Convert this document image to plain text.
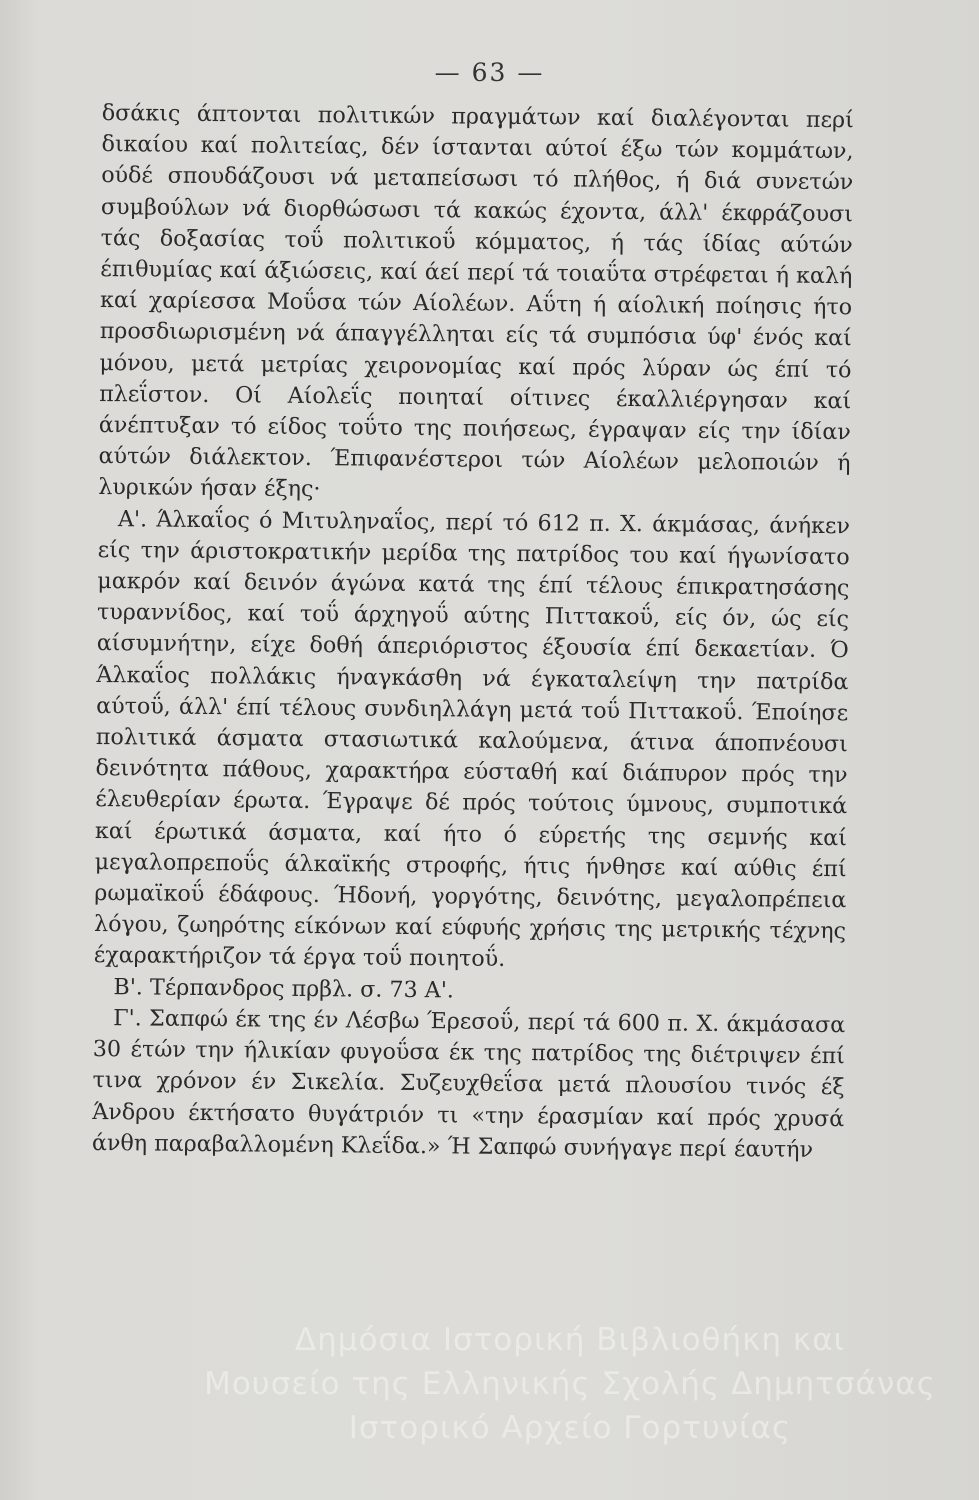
— 63 —

δσάκις άπτονται πολιτικών πραγμάτων καί διαλέγονται περί δικαίου καί πολιτείας, δέν ίστανται αύτοί έξω τών κομμάτων, ούδέ σπουδάζουσι νά μεταπείσωσι τό πλήθος, ή διά συνετών συμβούλων νά διορθώσωσι τά κακώς έχοντα, άλλ' έκφράζουσι τάς δοξασίας τοΰ πολιτικοΰ κόμματος, ή τάς ίδίας αύτών έπιθυμίας καί άξιώσεις, καί άεί περί τά τοιαΰτα στρέφεται ή καλή καί χαρίεσσα Μοΰσα τών Αίολέων. Αΰτη ή αίολική ποίησις ήτο προσδιωρισμένη νά άπαγγέλληται είς τά συμπόσια ύφ' ένός καί μόνου, μετά μετρίας χειρονομίας καί πρός λύραν ώς έπί τό πλεΐστον. Οί Αίολεΐς ποιηταί οίτινες έκαλλιέργησαν καί άνέπτυξαν τό είδος τοΰτο της ποιήσεως, έγραψαν είς την ίδίαν αύτών διάλεκτον. Έπιφανέστεροι τών Αίολέων μελοποιών ή λυρικών ήσαν έξης·

Α'. Άλκαΐος ό Μιτυληναΐος, περί τό 612 π. Χ. άκμάσας, άνήκεν είς την άριστοκρατικήν μερίδα της πατρίδος του καί ήγωνίσατο μακρόν καί δεινόν άγώνα κατά της έπί τέλους έπικρατησάσης τυραννίδος, καί τοΰ άρχηγοΰ αύτης Πιττακοΰ, είς όν, ώς είς αίσυμνήτην, είχε δοθή άπεριόριστος έξουσία έπί δεκαετίαν. Ό Άλκαΐος πολλάκις ήναγκάσθη νά έγκαταλείψη την πατρίδα αύτοΰ, άλλ' έπί τέλους συνδιηλλάγη μετά τοΰ Πιττακοΰ. Έποίησε πολιτικά άσματα στασιωτικά καλούμενα, άτινα άποπνέουσι δεινότητα πάθους, χαρακτήρα εύσταθή καί διάπυρον πρός την έλευθερίαν έρωτα. Έγραψε δέ πρός τούτοις ύμνους, συμποτικά καί έρωτικά άσματα, καί ήτο ό εύρετής της σεμνής καί μεγαλοπρεποΰς άλκαϊκής στροφής, ήτις ήνθησε καί αύθις έπί ρωμαϊκοΰ έδάφους. Ήδονή, γοργότης, δεινότης, μεγαλοπρέπεια λόγου, ζωηρότης είκόνων καί εύφυής χρήσις της μετρικής τέχνης έχαρακτήριζον τά έργα τοΰ ποιητοΰ.

Β'. Τέρπανδρος πρβλ. σ. 73 Α'.

Γ'. Σαπφώ έκ της έν Λέσβω Έρεσοΰ, περί τά 600 π. Χ. άκμάσασα 30 έτών την ήλικίαν φυγοΰσα έκ της πατρίδος της διέτριψεν έπί τινα χρόνον έν Σικελία. Συζευχθεΐσα μετά πλουσίου τινός έξ Άνδρου έκτήσατο θυγάτριόν τι «την έρασμίαν καί πρός χρυσά άνθη παραβαλλομένη Κλεΐδα.» Ή Σαπφώ συνήγαγε περί έαυτήν

Δημόσια Ιστορική Βιβλιοθήκη και
Μουσείο της Ελληνικής Σχολής Δημητσάνας
Ιστορικό Αρχείο Γορτυνίας
